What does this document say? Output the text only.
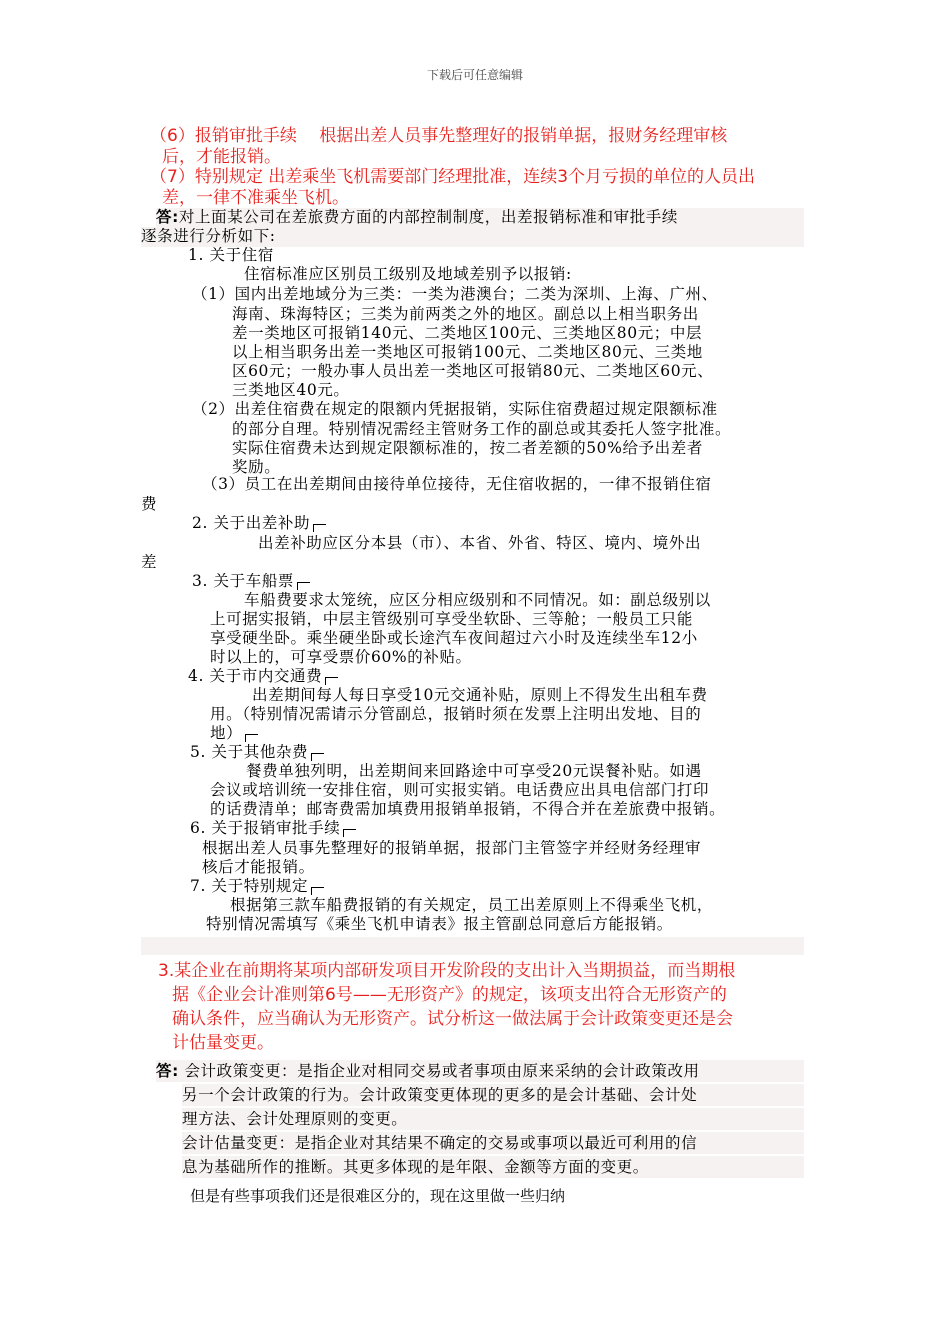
下载后可任意编辑
（6）报销审批手续　 根据出差人员事先整理好的报销单据，报财务经理审核
后，才能报销。
（7）特别规定 出差乘坐飞机需要部门经理批准，连续3个月亏损的单位的人员出
差，一律不准乘坐飞机。
答:对上面某公司在差旅费方面的内部控制制度，出差报销标准和审批手续
逐条进行分析如下:
1. 关于住宿
住宿标准应区别员工级别及地域差别予以报销:
（1）国内出差地域分为三类：一类为港澳台；二类为深圳、上海、广州、
海南、珠海特区；三类为前两类之外的地区。副总以上相当职务出
差一类地区可报销140元、二类地区100元、三类地区80元；中层
以上相当职务出差一类地区可报销100元、二类地区80元、三类地
区60元；一般办事人员出差一类地区可报销80元、二类地区60元、
三类地区40元。
（2）出差住宿费在规定的限额内凭据报销，实际住宿费超过规定限额标准
的部分自理。特别情况需经主管财务工作的副总或其委托人签字批准。
实际住宿费未达到规定限额标准的，按二者差额的50%给予出差者
奖励。
（3）员工在出差期间由接待单位接待，无住宿收据的，一律不报销住宿
费
2. 关于出差补助
出差补助应区分本县（市）、本省、外省、特区、境内、境外出
差
3. 关于车船票
车船费要求太笼统，应区分相应级别和不同情况。如：副总级别以
上可据实报销，中层主管级别可享受坐软卧、三等舱；一般员工只能
享受硬坐卧。乘坐硬坐卧或长途汽车夜间超过六小时及连续坐车12小
时以上的，可享受票价60%的补贴。
4. 关于市内交通费
出差期间每人每日享受10元交通补贴，原则上不得发生出租车费
用。（特别情况需请示分管副总，报销时须在发票上注明出发地、目的
地）
5. 关于其他杂费
餐费单独列明，出差期间来回路途中可享受20元误餐补贴。如遇
会议或培训统一安排住宿，则可实报实销。电话费应出具电信部门打印
的话费清单；邮寄费需加填费用报销单报销，不得合并在差旅费中报销。
6. 关于报销审批手续
根据出差人员事先整理好的报销单据，报部门主管签字并经财务经理审
核后才能报销。
7. 关于特别规定
根据第三款车船费报销的有关规定，员工出差原则上不得乘坐飞机，
特别情况需填写《乘坐飞机申请表》报主管副总同意后方能报销。
3.某企业在前期将某项内部研发项目开发阶段的支出计入当期损益，而当期根
据《企业会计准则第6号——无形资产》的规定，该项支出符合无形资产的
确认条件，应当确认为无形资产。试分析这一做法属于会计政策变更还是会
计估量变更。
答: 会计政策变更：是指企业对相同交易或者事项由原来采纳的会计政策改用
另一个会计政策的行为。会计政策变更体现的更多的是会计基础、会计处
理方法、会计处理原则的变更。
会计估量变更：是指企业对其结果不确定的交易或事项以最近可利用的信
息为基础所作的推断。其更多体现的是年限、金额等方面的变更。
但是有些事项我们还是很难区分的，现在这里做一些归纳
